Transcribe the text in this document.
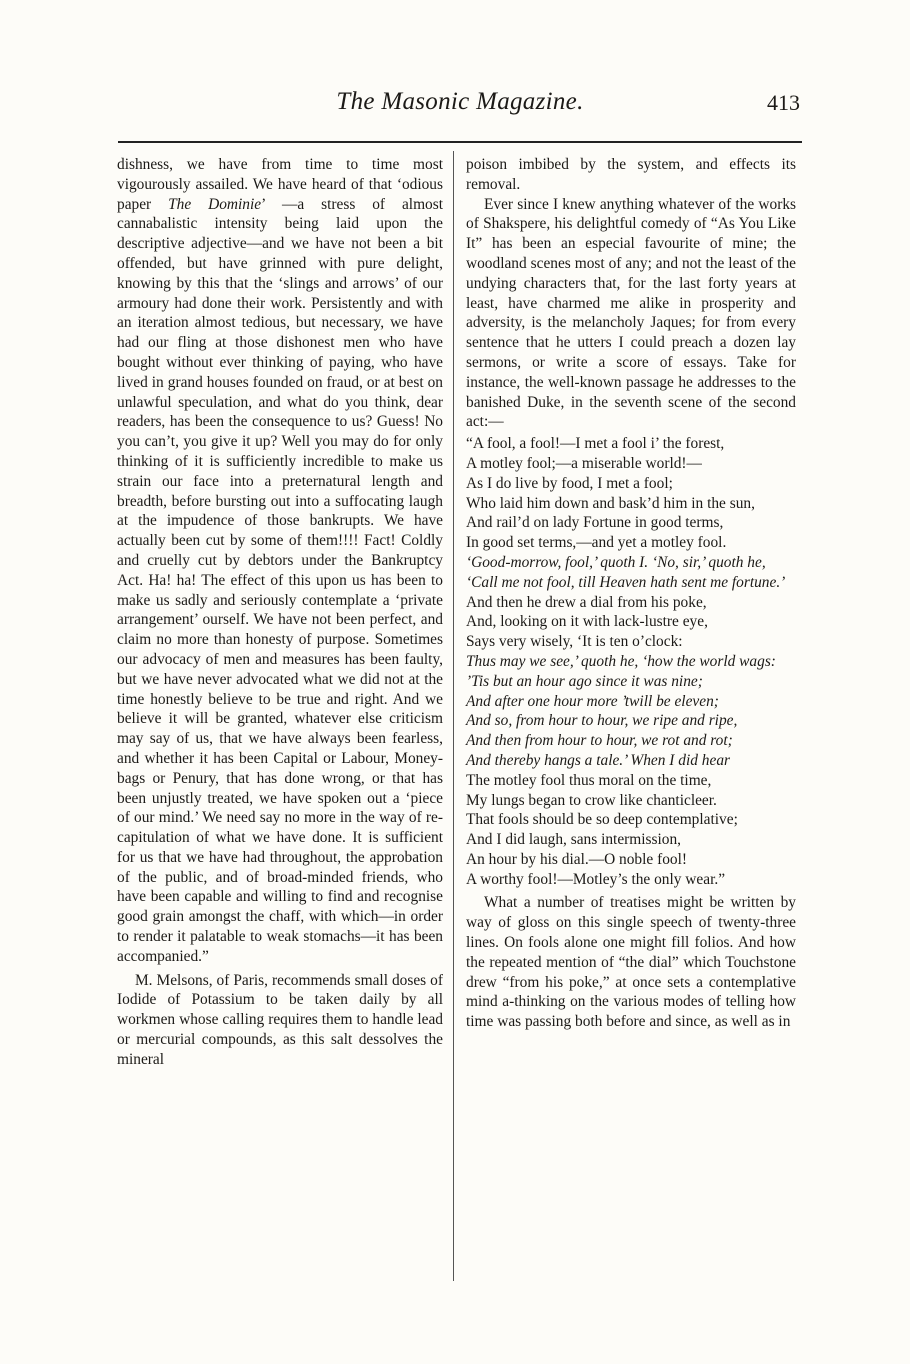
The Masonic Magazine.	413

dishness, we have from time to time most vigourously assailed. We have heard of that ‘odious paper The Dominie’ —a stress of almost cannabalistic intensity being laid upon the descriptive adjective—and we have not been a bit offended, but have grinned with pure delight, knowing by this that the ‘slings and arrows’ of our armoury had done their work. Persistently and with an iteration almost tedious, but necessary, we have had our fling at those dishonest men who have bought without ever thinking of paying, who have lived in grand houses founded on fraud, or at best on unlawful speculation, and what do you think, dear readers, has been the consequence to us? Guess! No you can’t, you give it up? Well you may do for only thinking of it is sufficiently incredible to make us strain our face into a preternatural length and breadth, before bursting out into a suffocating laugh at the impudence of those bankrupts. We have actually been cut by some of them!!!! Fact! Coldly and cruelly cut by debtors under the Bankruptcy Act. Ha! ha! The effect of this upon us has been to make us sadly and seriously contemplate a ‘private arrangement’ ourself. We have not been perfect, and claim no more than honesty of purpose. Sometimes our advocacy of men and measures has been faulty, but we have never advocated what we did not at the time honestly believe to be true and right. And we believe it will be granted, whatever else criticism may say of us, that we have always been fearless, and whether it has been Capital or Labour, Money-bags or Penury, that has done wrong, or that has been unjustly treated, we have spoken out a ‘piece of our mind.’ We need say no more in the way of re-capitulation of what we have done. It is sufficient for us that we have had throughout, the approbation of the public, and of broad-minded friends, who have been capable and willing to find and recognise good grain amongst the chaff, with which—in order to render it palatable to weak stomachs—it has been accompanied.”

M. Melsons, of Paris, recommends small doses of Iodide of Potassium to be taken daily by all workmen whose calling requires them to handle lead or mercurial compounds, as this salt dessolves the mineral

poison imbibed by the system, and effects its removal.

Ever since I knew anything whatever of the works of Shakspere, his delightful comedy of “As You Like It” has been an especial favourite of mine; the woodland scenes most of any; and not the least of the undying characters that, for the last forty years at least, have charmed me alike in prosperity and adversity, is the melancholy Jaques; for from every sentence that he utters I could preach a dozen lay sermons, or write a score of essays. Take for instance, the well-known passage he addresses to the banished Duke, in the seventh scene of the second act:—

“A fool, a fool!—I met a fool i’ the forest,
A motley fool;—a miserable world!—
As I do live by food, I met a fool;
Who laid him down and bask’d him in the sun,
And rail’d on lady Fortune in good terms,
In good set terms,—and yet a motley fool.
‘Good-morrow, fool,’ quoth I. ‘No, sir,’ quoth he,
‘Call me not fool, till Heaven hath sent me fortune.’
And then he drew a dial from his poke,
And, looking on it with lack-lustre eye,
Says very wisely, ‘It is ten o’clock:
Thus may we see,’ quoth he, ‘how the world wags:
’Tis but an hour ago since it was nine;
And after one hour more ’twill be eleven;
And so, from hour to hour, we ripe and ripe,
And then from hour to hour, we rot and rot;
And thereby hangs a tale.’ When I did hear
The motley fool thus moral on the time,
My lungs began to crow like chanticleer.
That fools should be so deep contemplative;
And I did laugh, sans intermission,
An hour by his dial.—O noble fool!
A worthy fool!—Motley’s the only wear.”

What a number of treatises might be written by way of gloss on this single speech of twenty-three lines. On fools alone one might fill folios. And how the repeated mention of “the dial” which Touchstone drew “from his poke,” at once sets a contemplative mind a-thinking on the various modes of telling how time was passing both before and since, as well as in
